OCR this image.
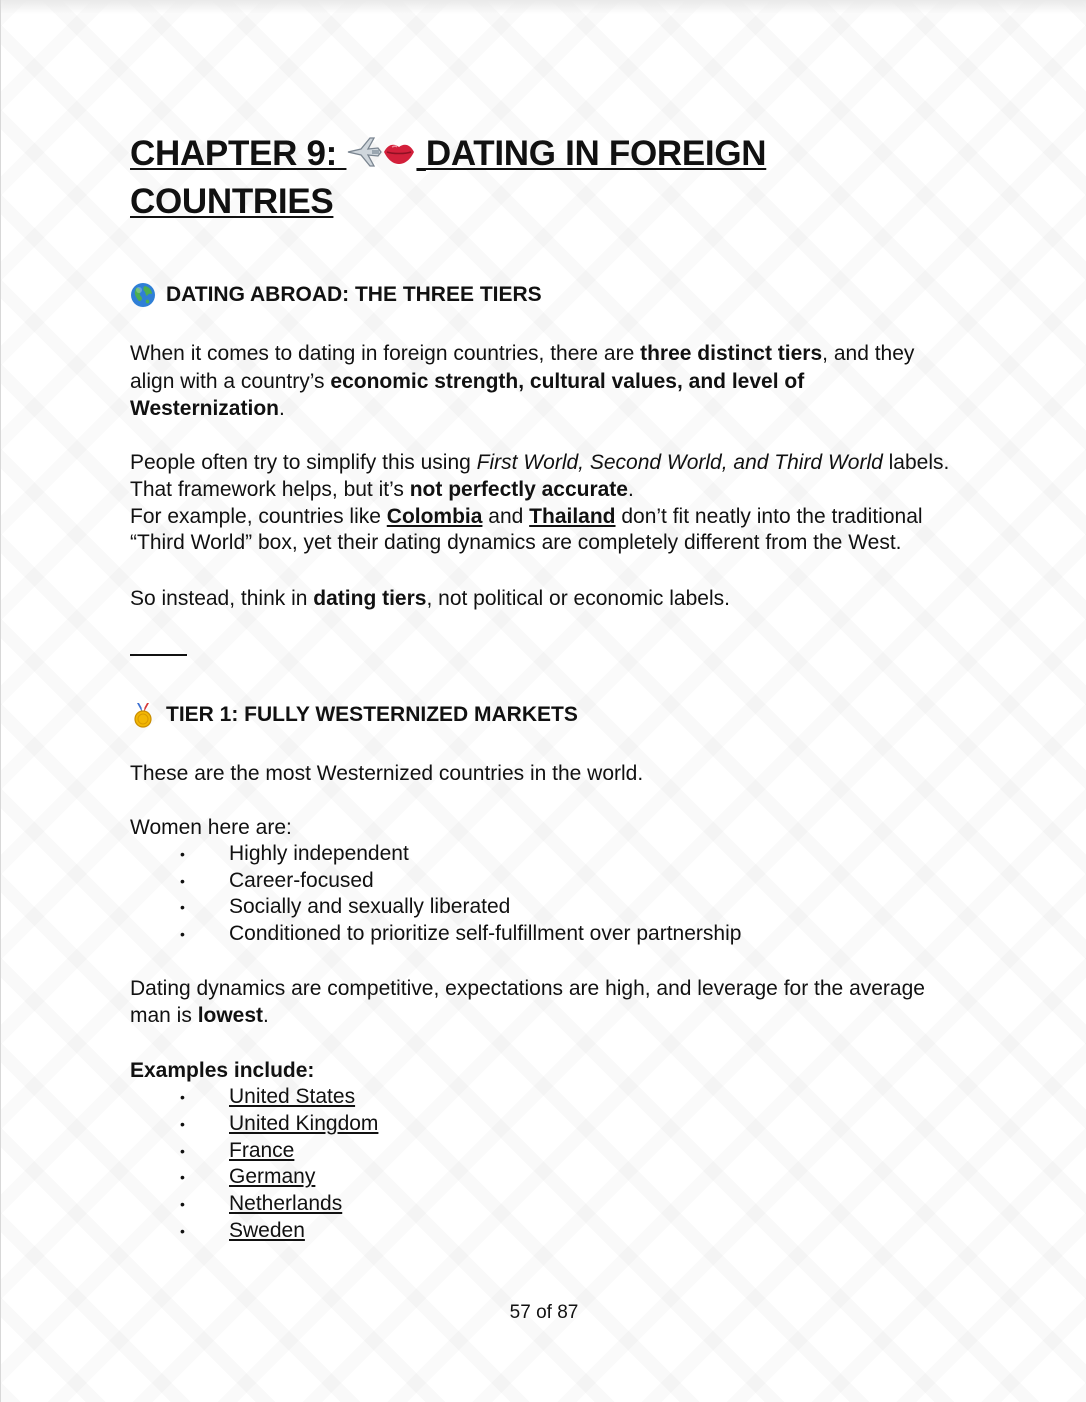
CHAPTER 9:	DATING IN FOREIGN
COUNTRIES
DATING ABROAD: THE THREE TIERS

When it comes to dating in foreign countries, there are three distinct tiers, and they align with a country’s economic strength, cultural values, and level of Westernization.

People often try to simplify this using First World, Second World, and Third World labels. That framework helps, but it’s not perfectly accurate.

For example, countries like Colombia and Thailand don’t fit neatly into the traditional “Third World” box, yet their dating dynamics are completely different from the West.

So instead, think in dating tiers, not political or economic labels.

TIER 1: FULLY WESTERNIZED MARKETS

These are the most Westernized countries in the world.

Women here are:

• Highly independent
• Career-focused
• Socially and sexually liberated
• Conditioned to prioritize self-fulfillment over partnership

Dating dynamics are competitive, expectations are high, and leverage for the average man is lowest.

Examples include:

• United States
• United Kingdom
• France
• Germany
• Netherlands
• Sweden
57 of 87
